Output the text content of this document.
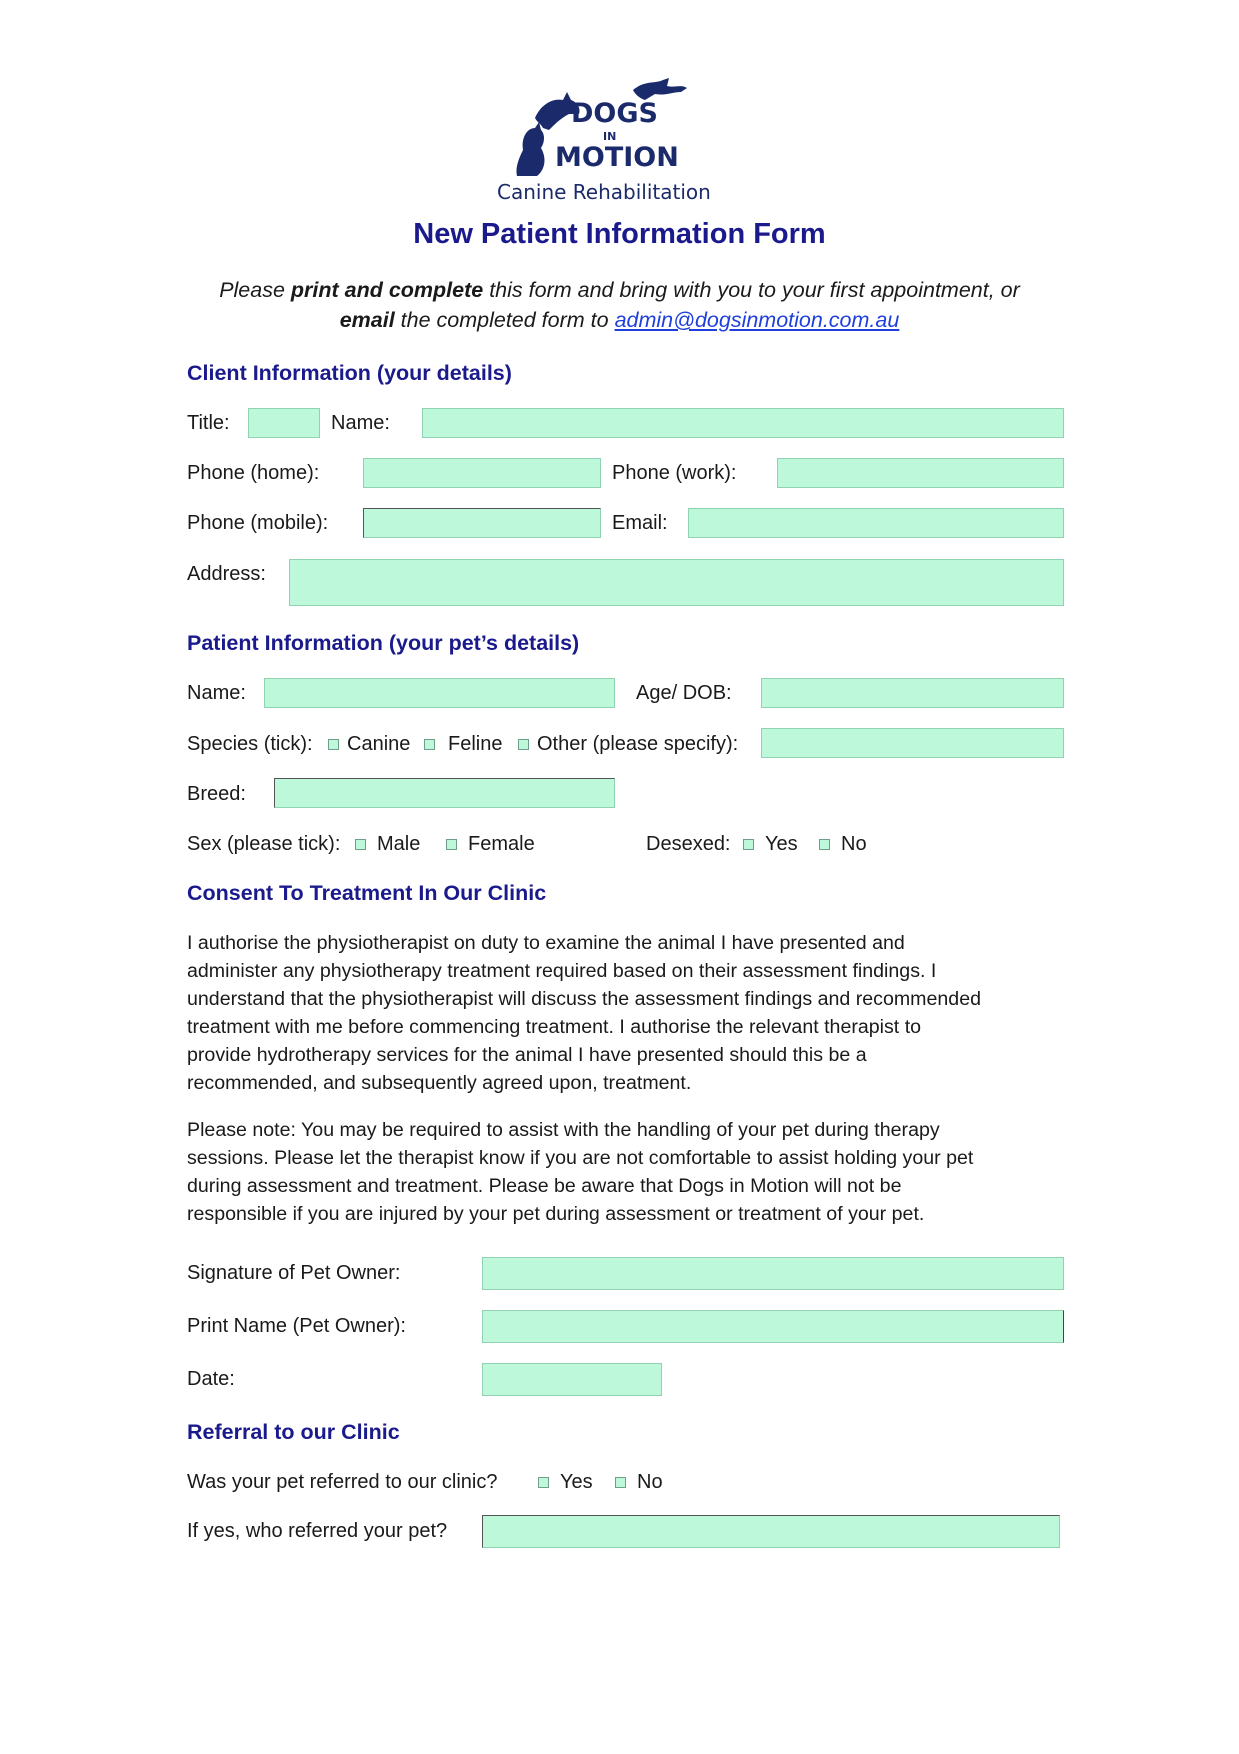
DOGS
IN
MOTION
Canine Rehabilitation
New Patient Information Form
Please print and complete this form and bring with you to your first appointment, or
email the completed form to admin@dogsinmotion.com.au
Client Information (your details)
Title:	Name:
Phone (home):	Phone (work):
Phone (mobile):	Email:
Address:
Patient Information (your pet’s details)
Name:	Age/ DOB:
Species (tick): Canine Feline Other (please specify):
Breed:
Sex (please tick): Male Female	Desexed: Yes No
Consent To Treatment In Our Clinic
I authorise the physiotherapist on duty to examine the animal I have presented and
administer any physiotherapy treatment required based on their assessment findings. I
understand that the physiotherapist will discuss the assessment findings and recommended
treatment with me before commencing treatment. I authorise the relevant therapist to
provide hydrotherapy services for the animal I have presented should this be a
recommended, and subsequently agreed upon, treatment.
Please note: You may be required to assist with the handling of your pet during therapy
sessions. Please let the therapist know if you are not comfortable to assist holding your pet
during assessment and treatment. Please be aware that Dogs in Motion will not be
responsible if you are injured by your pet during assessment or treatment of your pet.
Signature of Pet Owner:
Print Name (Pet Owner):
Date:
Referral to our Clinic
Was your pet referred to our clinic?	Yes No
If yes, who referred your pet?
